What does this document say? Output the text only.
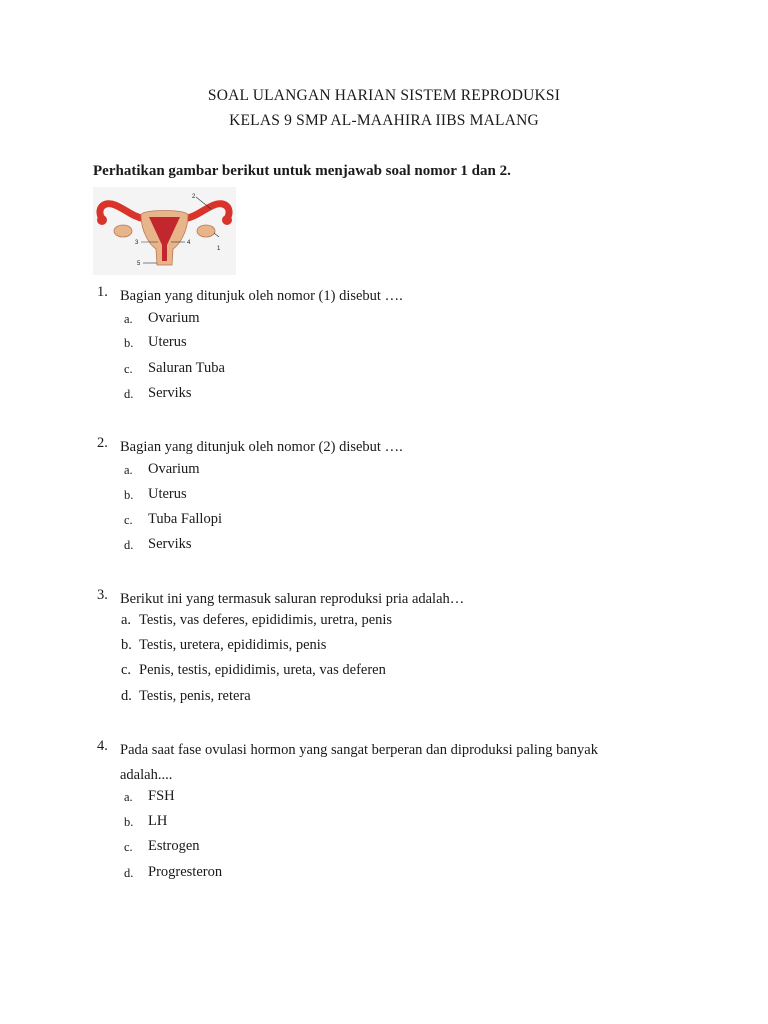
SOAL ULANGAN HARIAN SISTEM REPRODUKSI
KELAS 9 SMP AL-MAAHIRA IIBS MALANG
Perhatikan gambar berikut untuk menjawab soal nomor 1 dan 2.
2
1
3	4
5
1. Bagian yang ditunjuk oleh nomor (1) disebut ….
a. Ovarium
b. Uterus
c. Saluran Tuba
d. Serviks
2. Bagian yang ditunjuk oleh nomor (2) disebut ….
a. Ovarium
b. Uterus
c. Tuba Fallopi
d. Serviks
3. Berikut ini yang termasuk saluran reproduksi pria adalah…
a. Testis, vas deferes, epididimis, uretra, penis
b. Testis, uretera, epididimis, penis
c. Penis, testis, epididimis, ureta, vas deferen
d. Testis, penis, retera
4. Pada saat fase ovulasi hormon yang sangat berperan dan diproduksi paling banyak adalah....
a. FSH
b. LH
c. Estrogen
d. Progresteron
